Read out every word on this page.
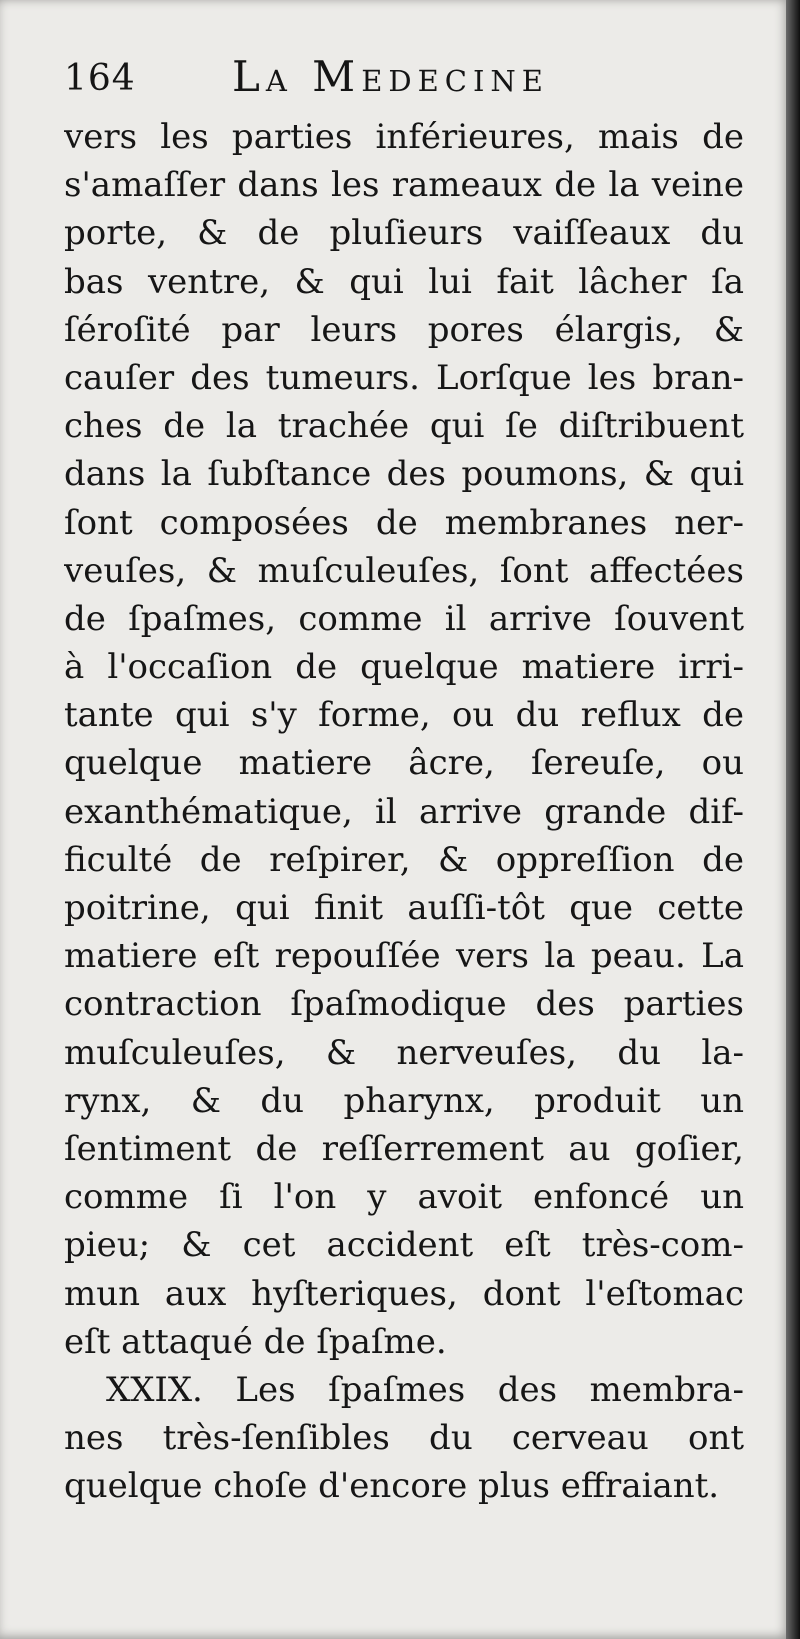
164 La Medecine
vers les parties inférieures, mais de
s'amaſſer dans les rameaux de la veine
porte, & de pluſieurs vaiſſeaux du
bas ventre, & qui lui fait lâcher ſa
ſéroſité par leurs pores élargis, &
cauſer des tumeurs. Lorſque les bran-
ches de la trachée qui ſe diſtribuent
dans la ſubſtance des poumons, & qui
ſont composées de membranes ner-
veuſes, & muſculeuſes, ſont affectées
de ſpaſmes, comme il arrive ſouvent
à l'occaſion de quelque matiere irri-
tante qui s'y forme, ou du reflux de
quelque matiere âcre, ſereuſe, ou
exanthématique, il arrive grande dif-
ficulté de reſpirer, & oppreſſion de
poitrine, qui finit auſſi-tôt que cette
matiere eſt repouſſée vers la peau. La
contraction ſpaſmodique des parties
muſculeuſes, & nerveuſes, du la-
rynx, & du pharynx, produit un
ſentiment de reſſerrement au goſier,
comme ſi l'on y avoit enfoncé un
pieu; & cet accident eſt très-com-
mun aux hyſteriques, dont l'eſtomac
eſt attaqué de ſpaſme.
XXIX. Les ſpaſmes des membra-
nes très-ſenſibles du cerveau ont
quelque choſe d'encore plus effraiant.
